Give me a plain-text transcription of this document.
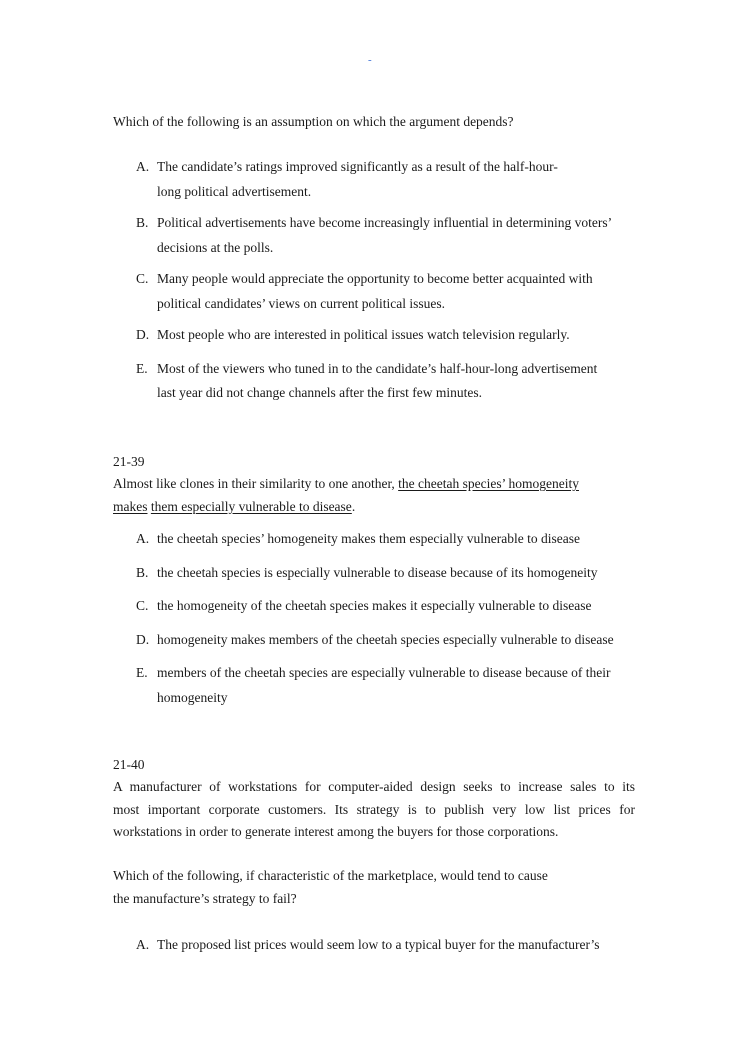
-
Which of the following is an assumption on which the argument depends?
A. The candidate’s ratings improved significantly as a result of the half-hour-
long political advertisement.
B. Political advertisements have become increasingly influential in determining voters’
decisions at the polls.
C. Many people would appreciate the opportunity to become better acquainted with
political candidates’ views on current political issues.
D. Most people who are interested in political issues watch television regularly.
E. Most of the viewers who tuned in to the candidate’s half-hour-long advertisement
last year did not change channels after the first few minutes.
21-39
Almost like clones in their similarity to one another, the cheetah species’ homogeneity
makes them especially vulnerable to disease.
A. the cheetah species’ homogeneity makes them especially vulnerable to disease
B. the cheetah species is especially vulnerable to disease because of its homogeneity
C. the homogeneity of the cheetah species makes it especially vulnerable to disease
D. homogeneity makes members of the cheetah species especially vulnerable to disease
E. members of the cheetah species are especially vulnerable to disease because of their
homogeneity
21-40
A manufacturer of workstations for computer-aided design seeks to increase sales to its
most important corporate customers. Its strategy is to publish very low list prices for
workstations in order to generate interest among the buyers for those corporations.
Which of the following, if characteristic of the marketplace, would tend to cause
the manufacture’s strategy to fail?
A. The proposed list prices would seem low to a typical buyer for the manufacturer’s
